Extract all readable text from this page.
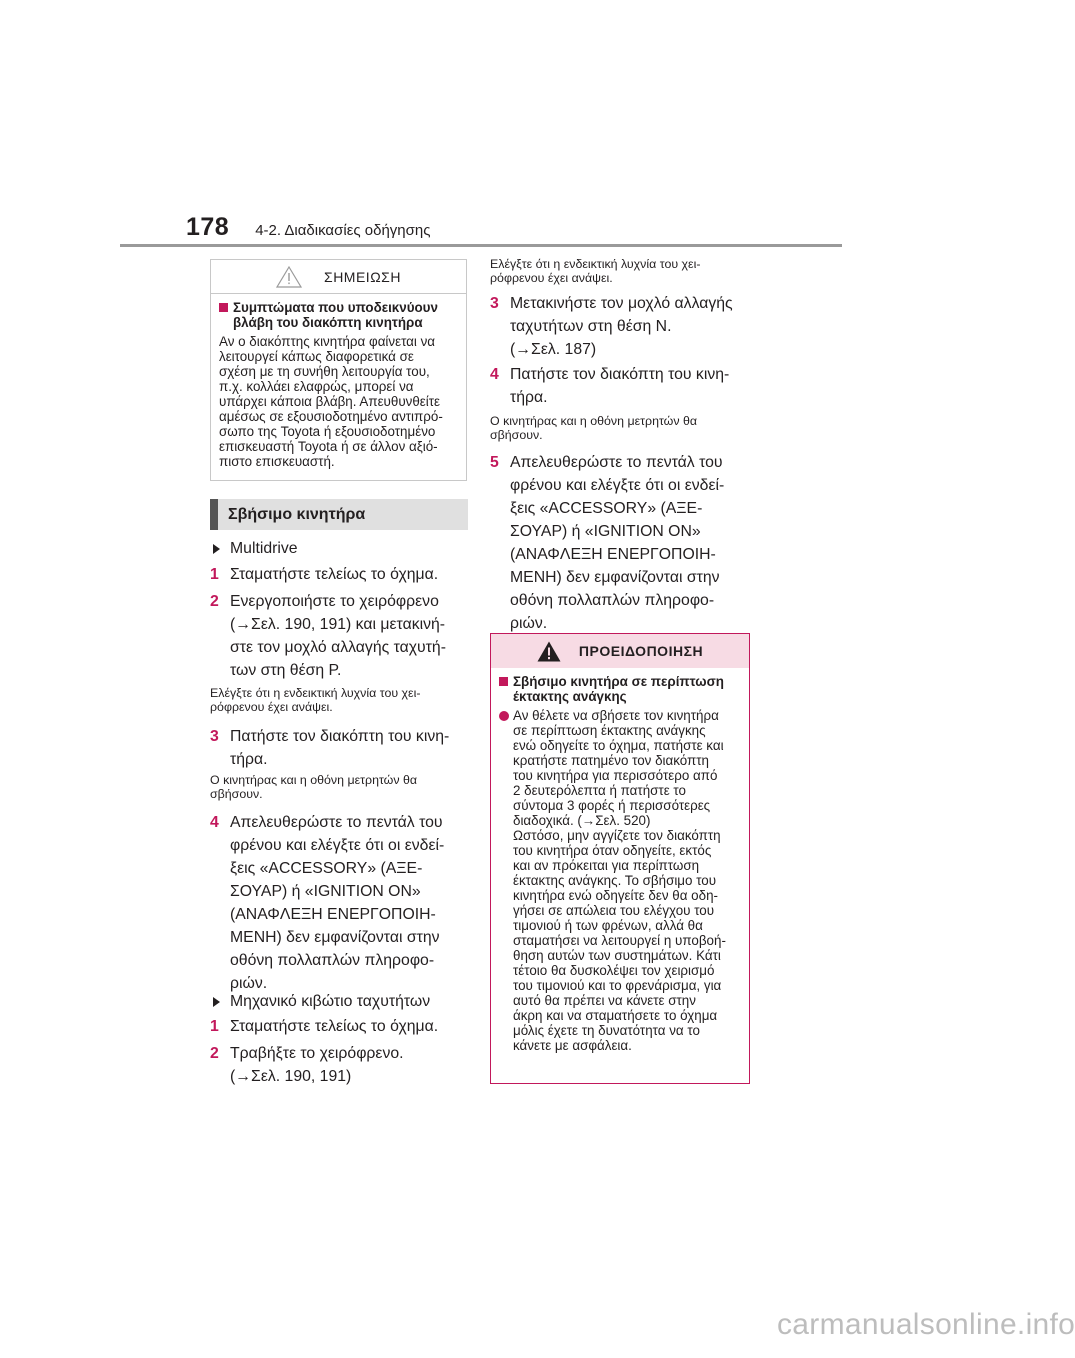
178 4-2. Διαδικασίες οδήγησης
ΣΗΜΕΙΩΣΗ
Συμπτώματα που υποδεικνύουν
βλάβη του διακόπτη κινητήρα
Αν ο διακόπτης κινητήρα φαίνεται να
λειτουργεί κάπως διαφορετικά σε
σχέση με τη συνήθη λειτουργία του,
π.χ. κολλάει ελαφρώς, μπορεί να
υπάρχει κάποια βλάβη. Απευθυνθείτε
αμέσως σε εξουσιοδοτημένο αντιπρό-
σωπο της Toyota ή εξουσιοδοτημένο
επισκευαστή Toyota ή σε άλλον αξιό-
πιστο επισκευαστή.
Σβήσιμο κινητήρα
Multidrive
1 Σταματήστε τελείως το όχημα.
2 Ενεργοποιήστε το χειρόφρενο
(→Σελ. 190, 191) και μετακινή-
στε τον μοχλό αλλαγής ταχυτή-
των στη θέση P.
Ελέγξτε ότι η ενδεικτική λυχνία του χει-
ρόφρενου έχει ανάψει.
3 Πατήστε τον διακόπτη του κινη-
τήρα.
Ο κινητήρας και η οθόνη μετρητών θα
σβήσουν.
4 Απελευθερώστε το πεντάλ του
φρένου και ελέγξτε ότι οι ενδεί-
ξεις «ACCESSORY» (ΑΞΕ-
ΣΟΥΑΡ) ή «IGNITION ON»
(ΑΝΑΦΛΕΞΗ ΕΝΕΡΓΟΠΟΙΗ-
ΜΕΝΗ) δεν εμφανίζονται στην
οθόνη πολλαπλών πληροφο-
ριών.
Μηχανικό κιβώτιο ταχυτήτων
1 Σταματήστε τελείως το όχημα.
2 Τραβήξτε το χειρόφρενο.
(→Σελ. 190, 191)
Ελέγξτε ότι η ενδεικτική λυχνία του χει-
ρόφρενου έχει ανάψει.
3 Μετακινήστε τον μοχλό αλλαγής
ταχυτήτων στη θέση N.
(→Σελ. 187)
4 Πατήστε τον διακόπτη του κινη-
τήρα.
Ο κινητήρας και η οθόνη μετρητών θα
σβήσουν.
5 Απελευθερώστε το πεντάλ του
φρένου και ελέγξτε ότι οι ενδεί-
ξεις «ACCESSORY» (ΑΞΕ-
ΣΟΥΑΡ) ή «IGNITION ON»
(ΑΝΑΦΛΕΞΗ ΕΝΕΡΓΟΠΟΙΗ-
ΜΕΝΗ) δεν εμφανίζονται στην
οθόνη πολλαπλών πληροφο-
ριών.
ΠΡΟΕΙΔΟΠΟΙΗΣΗ
Σβήσιμο κινητήρα σε περίπτωση
έκτακτης ανάγκης
Αν θέλετε να σβήσετε τον κινητήρα
σε περίπτωση έκτακτης ανάγκης
ενώ οδηγείτε το όχημα, πατήστε και
κρατήστε πατημένο τον διακόπτη
του κινητήρα για περισσότερο από
2 δευτερόλεπτα ή πατήστε το
σύντομα 3 φορές ή περισσότερες
διαδοχικά. (→Σελ. 520)
Ωστόσο, μην αγγίζετε τον διακόπτη
του κινητήρα όταν οδηγείτε, εκτός
και αν πρόκειται για περίπτωση
έκτακτης ανάγκης. Το σβήσιμο του
κινητήρα ενώ οδηγείτε δεν θα οδη-
γήσει σε απώλεια του ελέγχου του
τιμονιού ή των φρένων, αλλά θα
σταματήσει να λειτουργεί η υποβοή-
θηση αυτών των συστημάτων. Κάτι
τέτοιο θα δυσκολέψει τον χειρισμό
του τιμονιού και το φρενάρισμα, για
αυτό θα πρέπει να κάνετε στην
άκρη και να σταματήσετε το όχημα
μόλις έχετε τη δυνατότητα να το
κάνετε με ασφάλεια.
carmanualsonline.info
